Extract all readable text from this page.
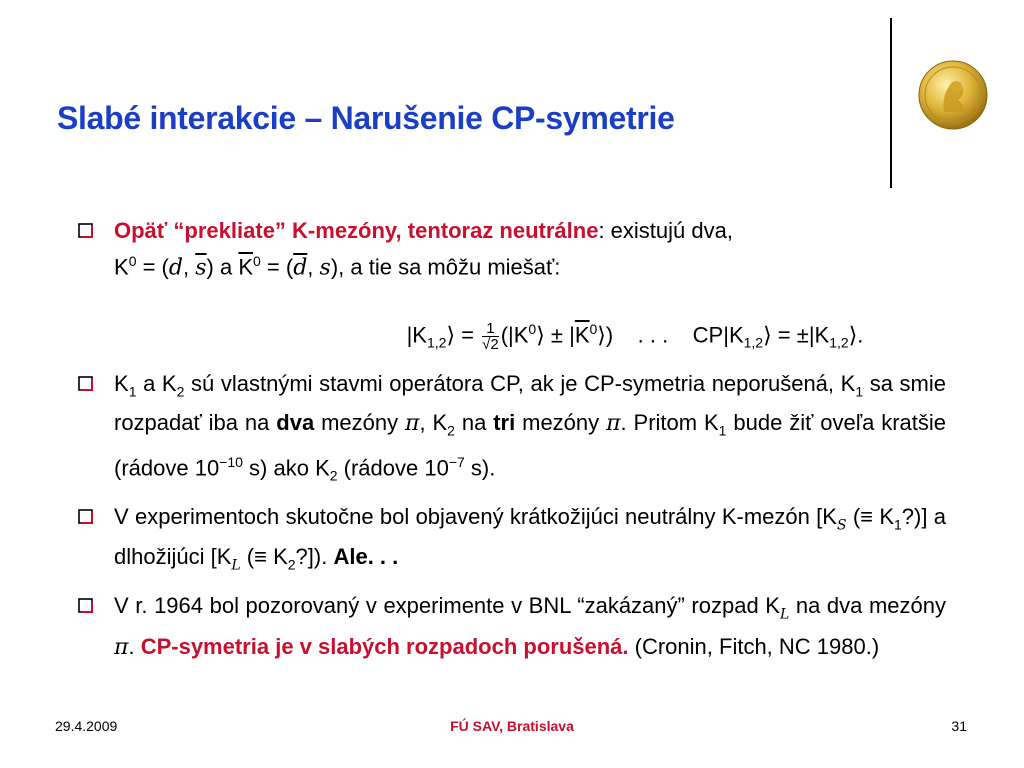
Slabé interakcie – Narušenie CP-symetrie
Opäť “prekliate” K-mezóny, tentoraz neutrálne: existujú dva,
$K^0 = (d$, $\overline{s}$) a $\overline{K}^0 = (\overline{d}$, s), a tie sa môžu miešať:

$|K_{1,2}⟩ = \frac{1}{√2}$ ($|K^0⟩$ ± $|\overline{K}^0⟩$)    . . .    $CP|K_{1,2}⟩$ = $\pm|K_{1,2}⟩$.
$K_1$ a $K_2$ sú vlastnými stavmi operátora CP, ak je CP-symetria neporušená, $K_1$ sa smie rozpadať iba na dva mezóny π, $K_2$ na tri mezóny π. Pritom $K_1$ bude žiť oveľa kratšie (rádove $10^{-10}$ s) ako $K_2$ (rádove $10^{-7}$ s).
V experimentoch skutočne bol objavený krátkožijúci neutrálny K-mezón [$K_S$ (≡ $K_1$?)] a dlhožijúci [$K_L$ (≡ $K_2$?]). Ale. . .
V r. 1964 bol pozorovaný v experimente v BNL “zakázaný” rozpad $K_L$ na dva mezóny π. CP-symetria je v slabých rozpadoch porušená. (Cronin, Fitch, NC 1980.)
29.4.2009	FÚ SAV, Bratislava	31
